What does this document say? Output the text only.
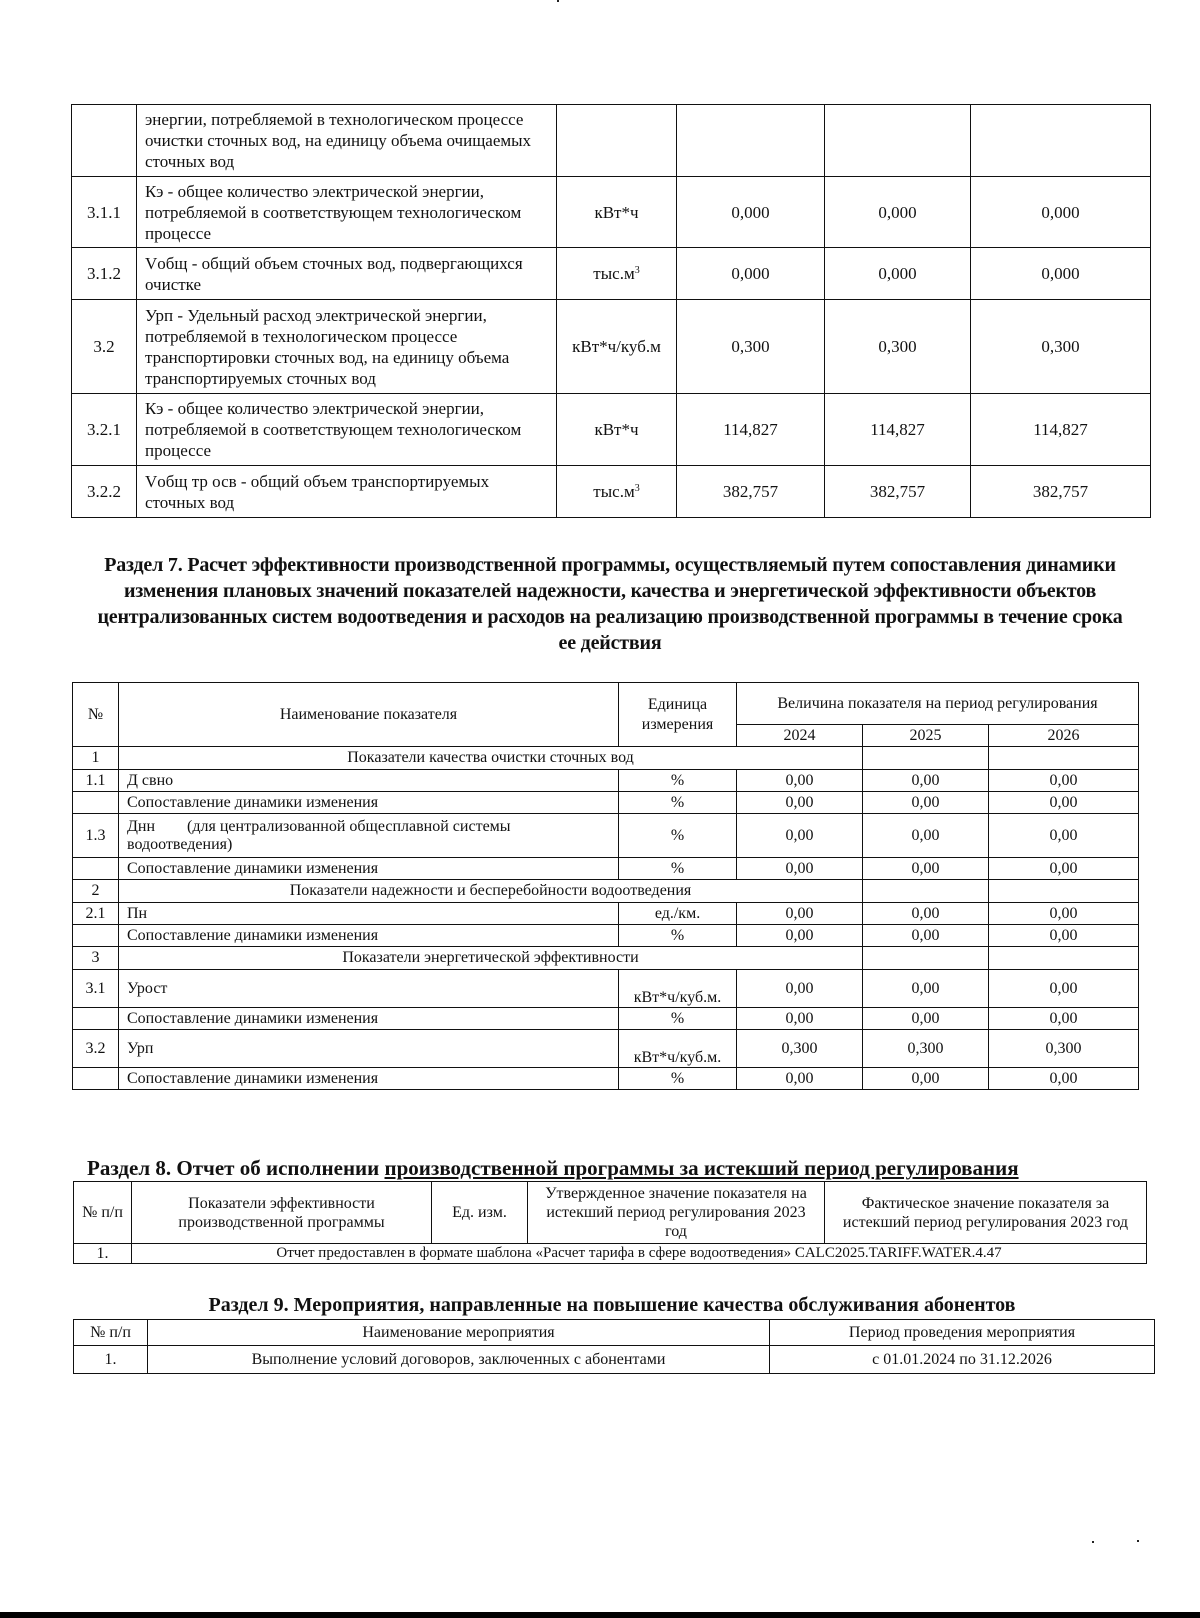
	энергии, потребляемой в технологическом процессе очистки сточных вод, на единицу объема очищаемых сточных вод				
3.1.1	Кэ - общее количество электрической энергии, потребляемой в соответствующем технологическом процессе	кВт*ч	0,000	0,000	0,000
3.1.2	Vобщ - общий объем сточных вод, подвергающихся очистке	$тыс.м^3$	0,000	0,000	0,000
3.2	Урп - Удельный расход электрической энергии, потребляемой в технологическом процессе транспортировки сточных вод, на единицу объема транспортируемых сточных вод	кВт*ч/куб.м	0,300	0,300	0,300
3.2.1	Кэ - общее количество электрической энергии, потребляемой в соответствующем технологическом процессе	кВт*ч	114,827	114,827	114,827
3.2.2	Vобщ тр осв - общий объем транспортируемых сточных вод	$тыс.м^3$	382,757	382,757	382,757
Раздел 7. Расчет эффективности производственной программы, осуществляемый путем сопоставления динамики изменения плановых значений показателей надежности, качества и энергетической эффективности объектов централизованных систем водоотведения и расходов на реализацию производственной программы в течение срока ее действия
№	Наименование показателя	Единица измерения	Величина показателя на период регулирования		
			2024	2025	2026
1	Показатели качества очистки сточных вод				
1.1	Д свно	%	0,00	0,00	0,00
	Сопоставление динамики изменения	%	0,00	0,00	0,00
1.3	Днн        (для централизованной общесплавной системы водоотведения)	%	0,00	0,00	0,00
	Сопоставление динамики изменения	%	0,00	0,00	0,00
2	Показатели надежности и бесперебойности водоотведения				
2.1	Пн	ед./км.	0,00	0,00	0,00
	Сопоставление динамики изменения	%	0,00	0,00	0,00
3	Показатели энергетической эффективности				
3.1	Урост	кВт*ч/куб.м.	0,00	0,00	0,00
	Сопоставление динамики изменения	%	0,00	0,00	0,00
3.2	Урп	кВт*ч/куб.м.	0,300	0,300	0,300
	Сопоставление динамики изменения	%	0,00	0,00	0,00
Раздел 8. Отчет об исполнении производственной программы за истекший период регулирования
№ п/п	Показатели эффективности производственной программы	Ед. изм.	Утвержденное значение показателя на истекший период регулирования 2023 год	Фактическое значение показателя за истекший период регулирования 2023 год
1.	Отчет предоставлен в формате шаблона «Расчет тарифа в сфере водоотведения» CALC2025.TARIFF.WATER.4.47			
Раздел 9. Мероприятия, направленные на повышение качества обслуживания абонентов
№ п/п	Наименование мероприятия	Период проведения мероприятия
1.	Выполнение условий договоров, заключенных с абонентами	с 01.01.2024 по 31.12.2026
